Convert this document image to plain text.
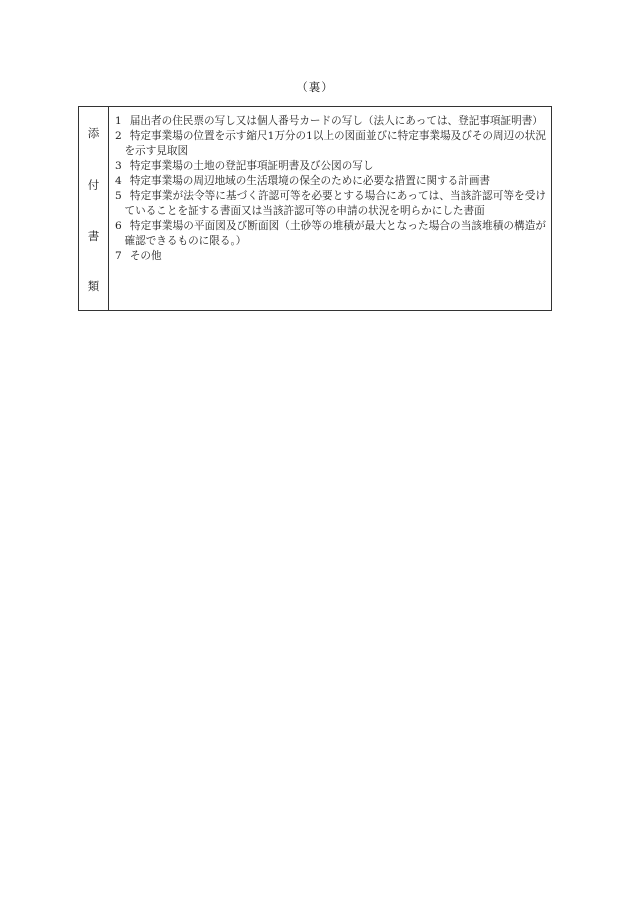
（裏）
添
付
書
類
1 届出者の住民票の写し又は個人番号カードの写し（法人にあっては、登記事項証明書）
2 特定事業場の位置を示す縮尺1万分の1以上の図面並びに特定事業場及びその周辺の状況を示す見取図
3 特定事業場の土地の登記事項証明書及び公図の写し
4 特定事業場の周辺地域の生活環境の保全のために必要な措置に関する計画書
5 特定事業が法令等に基づく許認可等を必要とする場合にあっては、当該許認可等を受けていることを証する書面又は当該許認可等の申請の状況を明らかにした書面
6 特定事業場の平面図及び断面図（土砂等の堆積が最大となった場合の当該堆積の構造が確認できるものに限る。）
7 その他
